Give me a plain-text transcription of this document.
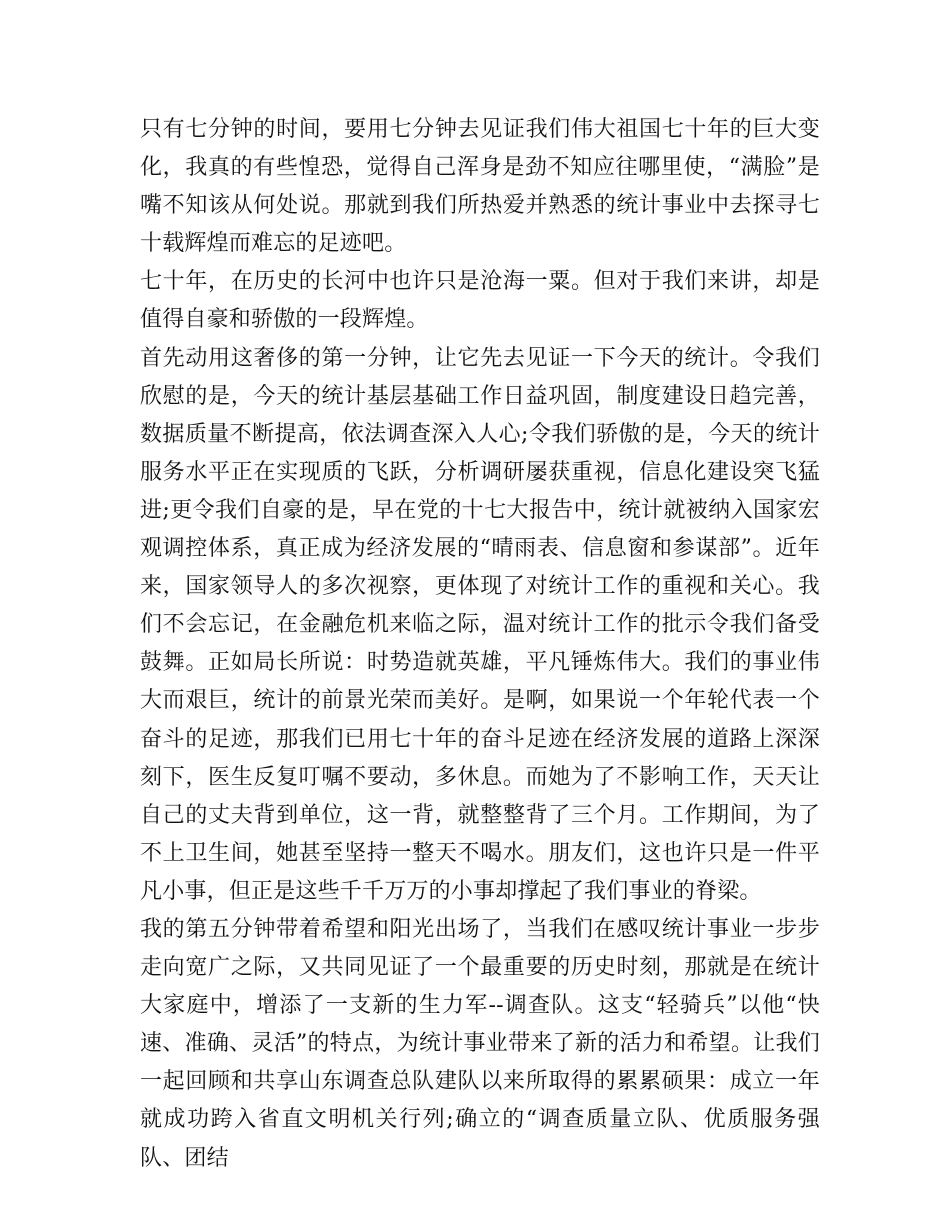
只有七分钟的时间，要用七分钟去见证我们伟大祖国七十年的巨大变化，我真的有些惶恐，觉得自己浑身是劲不知应往哪里使，“满脸”是嘴不知该从何处说。那就到我们所热爱并熟悉的统计事业中去探寻七十载辉煌而难忘的足迹吧。

七十年，在历史的长河中也许只是沧海一粟。但对于我们来讲，却是值得自豪和骄傲的一段辉煌。

首先动用这奢侈的第一分钟，让它先去见证一下今天的统计。令我们欣慰的是，今天的统计基层基础工作日益巩固，制度建设日趋完善，数据质量不断提高，依法调查深入人心;令我们骄傲的是，今天的统计服务水平正在实现质的飞跃，分析调研屡获重视，信息化建设突飞猛进;更令我们自豪的是，早在党的十七大报告中，统计就被纳入国家宏观调控体系，真正成为经济发展的“晴雨表、信息窗和参谋部”。近年来，国家领导人的多次视察，更体现了对统计工作的重视和关心。我们不会忘记，在金融危机来临之际，温对统计工作的批示令我们备受鼓舞。正如局长所说：时势造就英雄，平凡锤炼伟大。我们的事业伟大而艰巨，统计的前景光荣而美好。是啊，如果说一个年轮代表一个奋斗的足迹，那我们已用七十年的奋斗足迹在经济发展的道路上深深刻下，医生反复叮嘱不要动，多休息。而她为了不影响工作，天天让自己的丈夫背到单位，这一背，就整整背了三个月。工作期间，为了不上卫生间，她甚至坚持一整天不喝水。朋友们，这也许只是一件平凡小事，但正是这些千千万万的小事却撑起了我们事业的脊梁。

我的第五分钟带着希望和阳光出场了，当我们在感叹统计事业一步步走向宽广之际，又共同见证了一个最重要的历史时刻，那就是在统计大家庭中，增添了一支新的生力军--调查队。这支“轻骑兵”以他“快速、准确、灵活”的特点，为统计事业带来了新的活力和希望。让我们一起回顾和共享山东调查总队建队以来所取得的累累硕果：成立一年就成功跨入省直文明机关行列;确立的“调查质量立队、优质服务强队、团结
